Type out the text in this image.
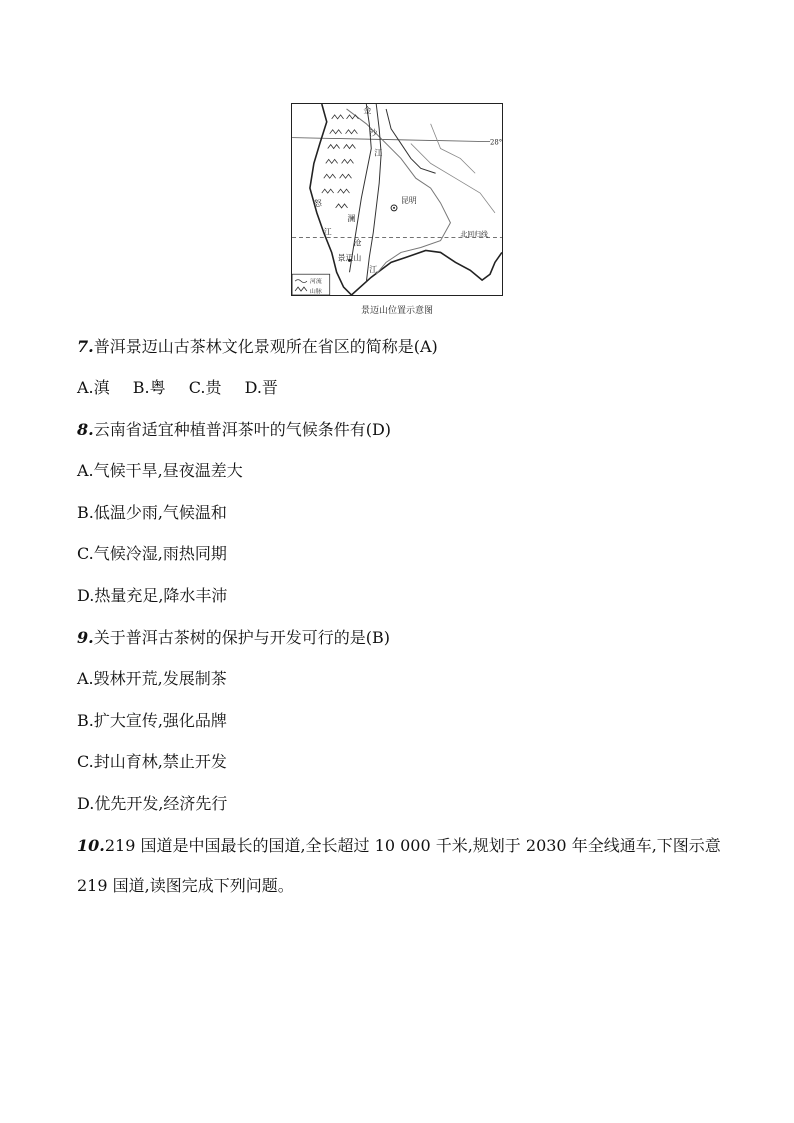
金
沙
江
28°
怒
江
澜
沧
江
昆明
北回归线
景迈山
河流
山脉
景迈山位置示意图
7.普洱景迈山古茶林文化景观所在省区的简称是(A)
A.滇 B.粤 C.贵 D.晋
8.云南省适宜种植普洱茶叶的气候条件有(D)
A.气候干旱,昼夜温差大
B.低温少雨,气候温和
C.气候冷湿,雨热同期
D.热量充足,降水丰沛
9.关于普洱古茶树的保护与开发可行的是(B)
A.毁林开荒,发展制茶
B.扩大宣传,强化品牌
C.封山育林,禁止开发
D.优先开发,经济先行
10.219 国道是中国最长的国道,全长超过 10 000 千米,规划于 2030 年全线通车,下图示意 219 国道,读图完成下列问题。
